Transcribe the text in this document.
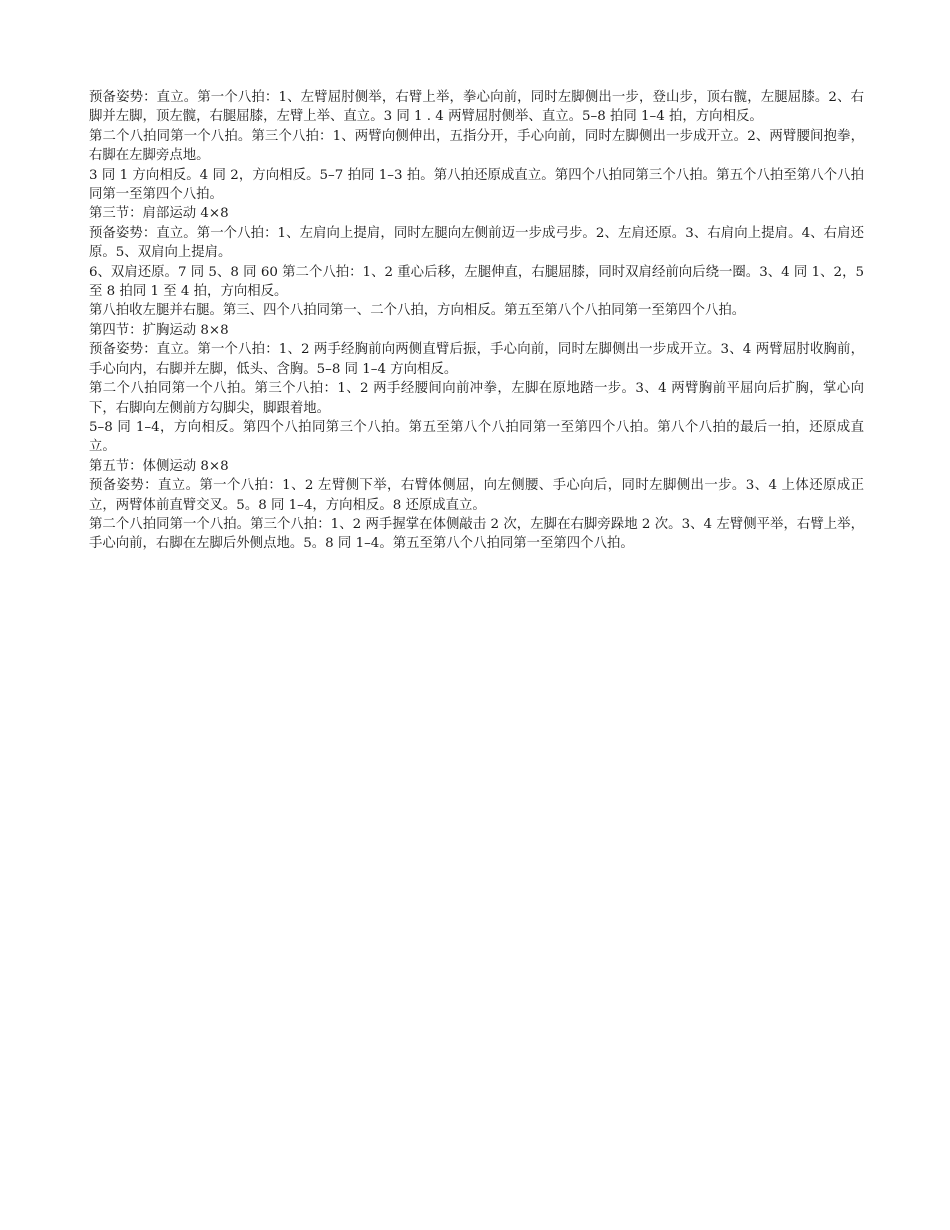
预备姿势：直立。第一个八拍：1、左臂屈肘侧举，右臂上举，拳心向前，同时左脚侧出一步，登山步，顶右髋，左腿屈膝。2、右脚并左脚，顶左髋，右腿屈膝，左臂上举、直立。3 同 1 . 4 两臂屈肘侧举、直立。5–8 拍同 1–4 拍，方向相反。

第二个八拍同第一个八拍。第三个八拍：1、两臂向侧伸出，五指分开，手心向前，同时左脚侧出一步成开立。2、两臂腰间抱拳，右脚在左脚旁点地。

3 同 1 方向相反。4 同 2，方向相反。5–7 拍同 1–3 拍。第八拍还原成直立。第四个八拍同第三个八拍。第五个八拍至第八个八拍同第一至第四个八拍。

第三节：肩部运动 4×8

预备姿势：直立。第一个八拍：1、左肩向上提肩，同时左腿向左侧前迈一步成弓步。2、左肩还原。3、右肩向上提肩。4、右肩还原。5、双肩向上提肩。

6、双肩还原。7 同 5、8 同 60 第二个八拍：1、2 重心后移，左腿伸直，右腿屈膝，同时双肩经前向后绕一圈。3、4 同 1、2，5 至 8 拍同 1 至 4 拍，方向相反。

第八拍收左腿并右腿。第三、四个八拍同第一、二个八拍，方向相反。第五至第八个八拍同第一至第四个八拍。

第四节：扩胸运动 8×8

预备姿势：直立。第一个八拍：1、2 两手经胸前向两侧直臂后振，手心向前，同时左脚侧出一步成开立。3、4 两臂屈肘收胸前，手心向内，右脚并左脚，低头、含胸。5–8 同 1–4 方向相反。

第二个八拍同第一个八拍。第三个八拍：1、2 两手经腰间向前冲拳，左脚在原地踏一步。3、4 两臂胸前平屈向后扩胸，掌心向下，右脚向左侧前方勾脚尖，脚跟着地。

5–8 同 1–4，方向相反。第四个八拍同第三个八拍。第五至第八个八拍同第一至第四个八拍。第八个八拍的最后一拍，还原成直立。

第五节：体侧运动 8×8

预备姿势：直立。第一个八拍：1、2 左臂侧下举，右臂体侧屈，向左侧腰、手心向后，同时左脚侧出一步。3、4 上体还原成正立，两臂体前直臂交叉。5。8 同 1–4，方向相反。8 还原成直立。

第二个八拍同第一个八拍。第三个八拍：1、2 两手握掌在体侧敲击 2 次，左脚在右脚旁跺地 2 次。3、4 左臂侧平举，右臂上举，手心向前，右脚在左脚后外侧点地。5。8 同 1–4。第五至第八个八拍同第一至第四个八拍。
